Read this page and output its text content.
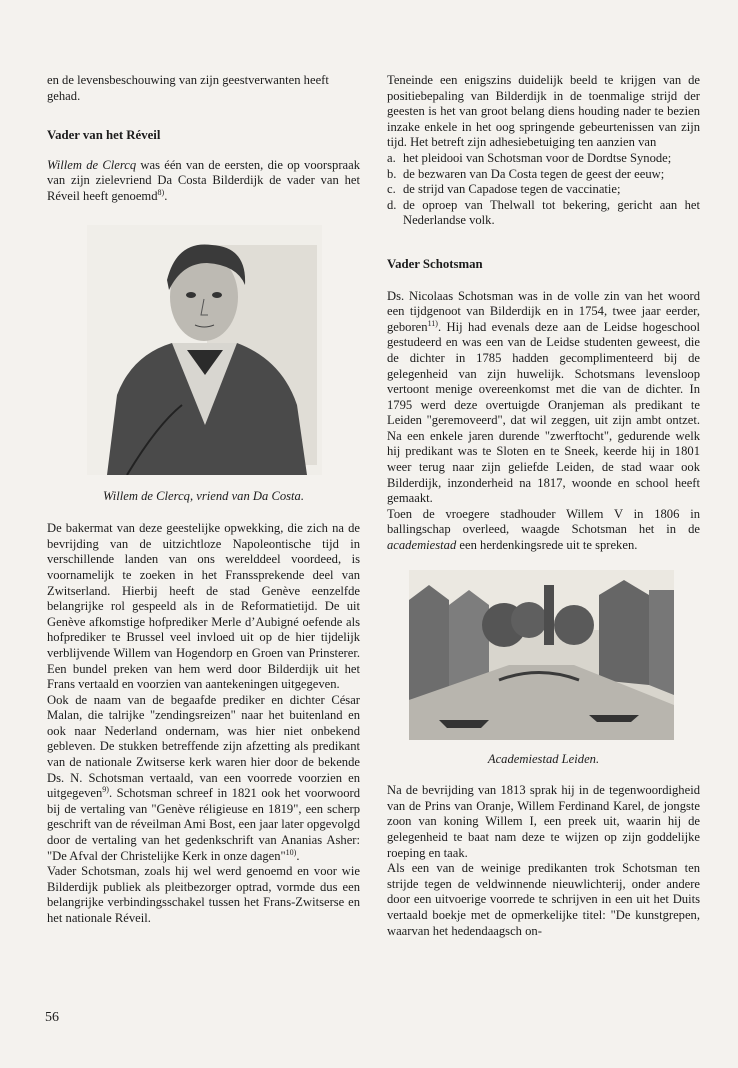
en de levensbeschouwing van zijn geestverwanten heeft gehad.

Vader van het Réveil

Willem de Clercq was één van de eersten, die op voorspraak van zijn zielevriend Da Costa Bilderdijk de vader van het Réveil heeft genoemd$^{8)}$.

Willem de Clercq, vriend van Da Costa.

De bakermat van deze geestelijke opwekking, die zich na de bevrijding van de uitzichtloze Napoleontische tijd in verschillende landen van ons werelddeel voordeed, is voornamelijk te zoeken in het Franssprekende deel van Zwitserland. Hierbij heeft de stad Genève eenzelfde belangrijke rol gespeeld als in de Reformatietijd. De uit Genève afkomstige hofprediker Merle d’Aubigné oefende als hofprediker te Brussel veel invloed uit op de hier tijdelijk verblijvende Willem van Hogendorp en Groen van Prinsterer. Een bundel preken van hem werd door Bilderdijk uit het Frans vertaald en voorzien van aantekeningen uitgegeven.

Ook de naam van de begaafde prediker en dichter César Malan, die talrijke "zendingsreizen" naar het buitenland en ook naar Nederland ondernam, was hier niet onbekend gebleven. De stukken betreffende zijn afzetting als predikant van de nationale Zwitserse kerk waren hier door de bekende Ds. N. Schotsman vertaald, van een voorrede voorzien en uitgegeven$^{9)}$. Schotsman schreef in 1821 ook het voorwoord bij de vertaling van "Genève réligieuse en 1819", een scherp geschrift van de réveilman Ami Bost, een jaar later opgevolgd door de vertaling van het gedenkschrift van Ananias Asher: "De Afval der Christelijke Kerk in onze dagen"$^{10)}$.

Vader Schotsman, zoals hij wel werd genoemd en voor wie Bilderdijk publiek als pleitbezorger optrad, vormde dus een belangrijke verbindingsschakel tussen het Frans-Zwitserse en het nationale Réveil.

Teneinde een enigszins duidelijk beeld te krijgen van de positiebepaling van Bilderdijk in de toenmalige strijd der geesten is het van groot belang diens houding nader te bezien inzake enkele in het oog springende gebeurtenissen van zijn tijd. Het betreft zijn adhesiebetuiging ten aanzien van

a. het pleidooi van Schotsman voor de Dordtse Synode;
b. de bezwaren van Da Costa tegen de geest der eeuw;
c. de strijd van Capadose tegen de vaccinatie;
d. de oproep van Thelwall tot bekering, gericht aan het Nederlandse volk.
Vader Schotsman

Ds. Nicolaas Schotsman was in de volle zin van het woord een tijdgenoot van Bilderdijk en in 1754, twee jaar eerder, geboren$^{11)}$. Hij had evenals deze aan de Leidse hogeschool gestudeerd en was een van de Leidse studenten geweest, die de dichter in 1785 hadden gecomplimenteerd bij de gelegenheid van zijn huwelijk. Schotsmans levensloop vertoont menige overeenkomst met die van de dichter. In 1795 werd deze overtuigde Oranjeman als predikant te Leiden "geremoveerd", dat wil zeggen, uit zijn ambt ontzet. Na een enkele jaren durende "zwerftocht", gedurende welk hij predikant was te Sloten en te Sneek, keerde hij in 1801 weer terug naar zijn geliefde Leiden, de stad waar ook Bilderdijk, inzonderheid na 1817, woonde en school heeft gemaakt.

Toen de vroegere stadhouder Willem V in 1806 in ballingschap overleed, waagde Schotsman het in de academiestad een herdenkingsrede uit te spreken.

Academiestad Leiden.

Na de bevrijding van 1813 sprak hij in de tegenwoordigheid van de Prins van Oranje, Willem Ferdinand Karel, de jongste zoon van koning Willem I, een preek uit, waarin hij de gelegenheid te baat nam deze te wijzen op zijn goddelijke roeping en taak.

Als een van de weinige predikanten trok Schotsman ten strijde tegen de veldwinnende nieuwlichterij, onder andere door een uitvoerige voorrede te schrijven in een uit het Duits vertaald boekje met de opmerkelijke titel: "De kunstgrepen, waarvan het hedendaagsch on-

56
